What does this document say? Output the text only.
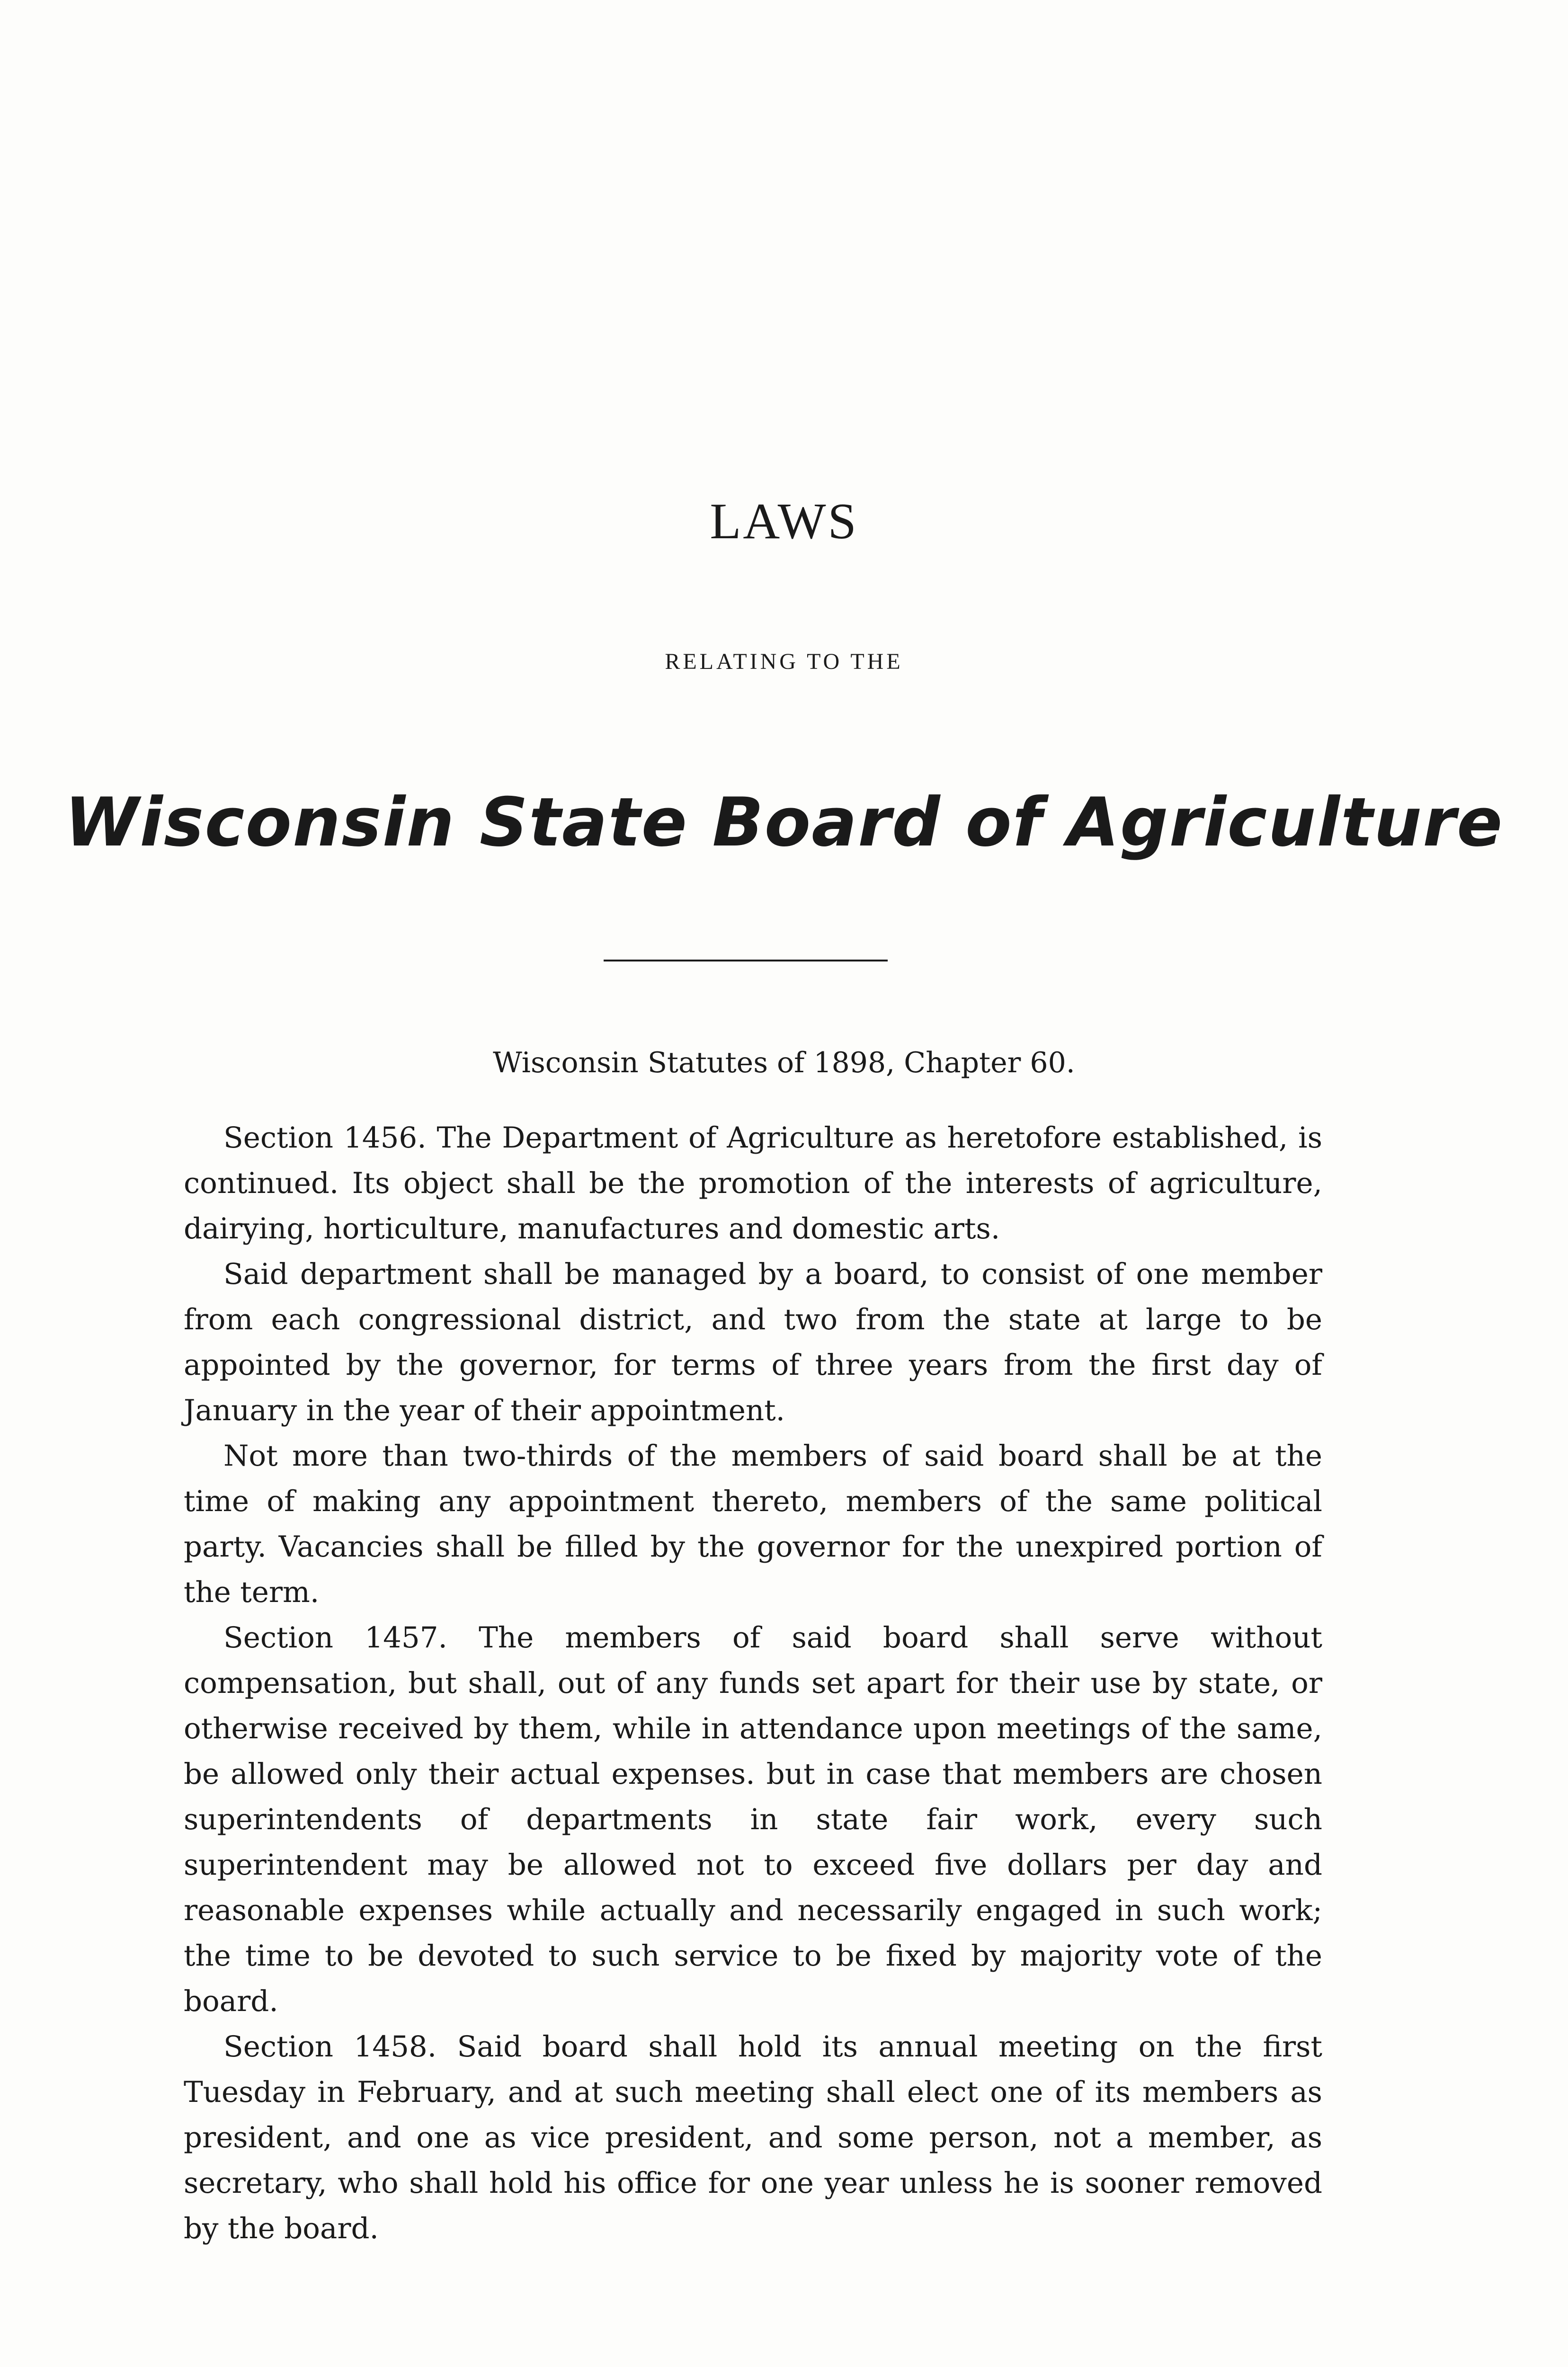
LAWS
RELATING TO THE
Wisconsin State Board of Agriculture
Wisconsin Statutes of 1898, Chapter 60.

Section 1456. The Department of Agriculture as heretofore established, is continued. Its object shall be the promotion of the interests of agriculture, dairying, horticulture, manufactures and domestic arts.

Said department shall be managed by a board, to consist of one member from each congressional district, and two from the state at large to be appointed by the governor, for terms of three years from the first day of January in the year of their appointment.

Not more than two-thirds of the members of said board shall be at the time of making any appointment thereto, members of the same political party. Vacancies shall be filled by the governor for the unexpired portion of the term.

Section 1457. The members of said board shall serve without compensation, but shall, out of any funds set apart for their use by state, or otherwise received by them, while in attendance upon meetings of the same, be allowed only their actual expenses. but in case that members are chosen superintendents of departments in state fair work, every such superintendent may be allowed not to exceed five dollars per day and reasonable expenses while actually and necessarily engaged in such work; the time to be devoted to such service to be fixed by majority vote of the board.

Section 1458. Said board shall hold its annual meeting on the first Tuesday in February, and at such meeting shall elect one of its members as president, and one as vice president, and some person, not a member, as secretary, who shall hold his office for one year unless he is sooner removed by the board.
